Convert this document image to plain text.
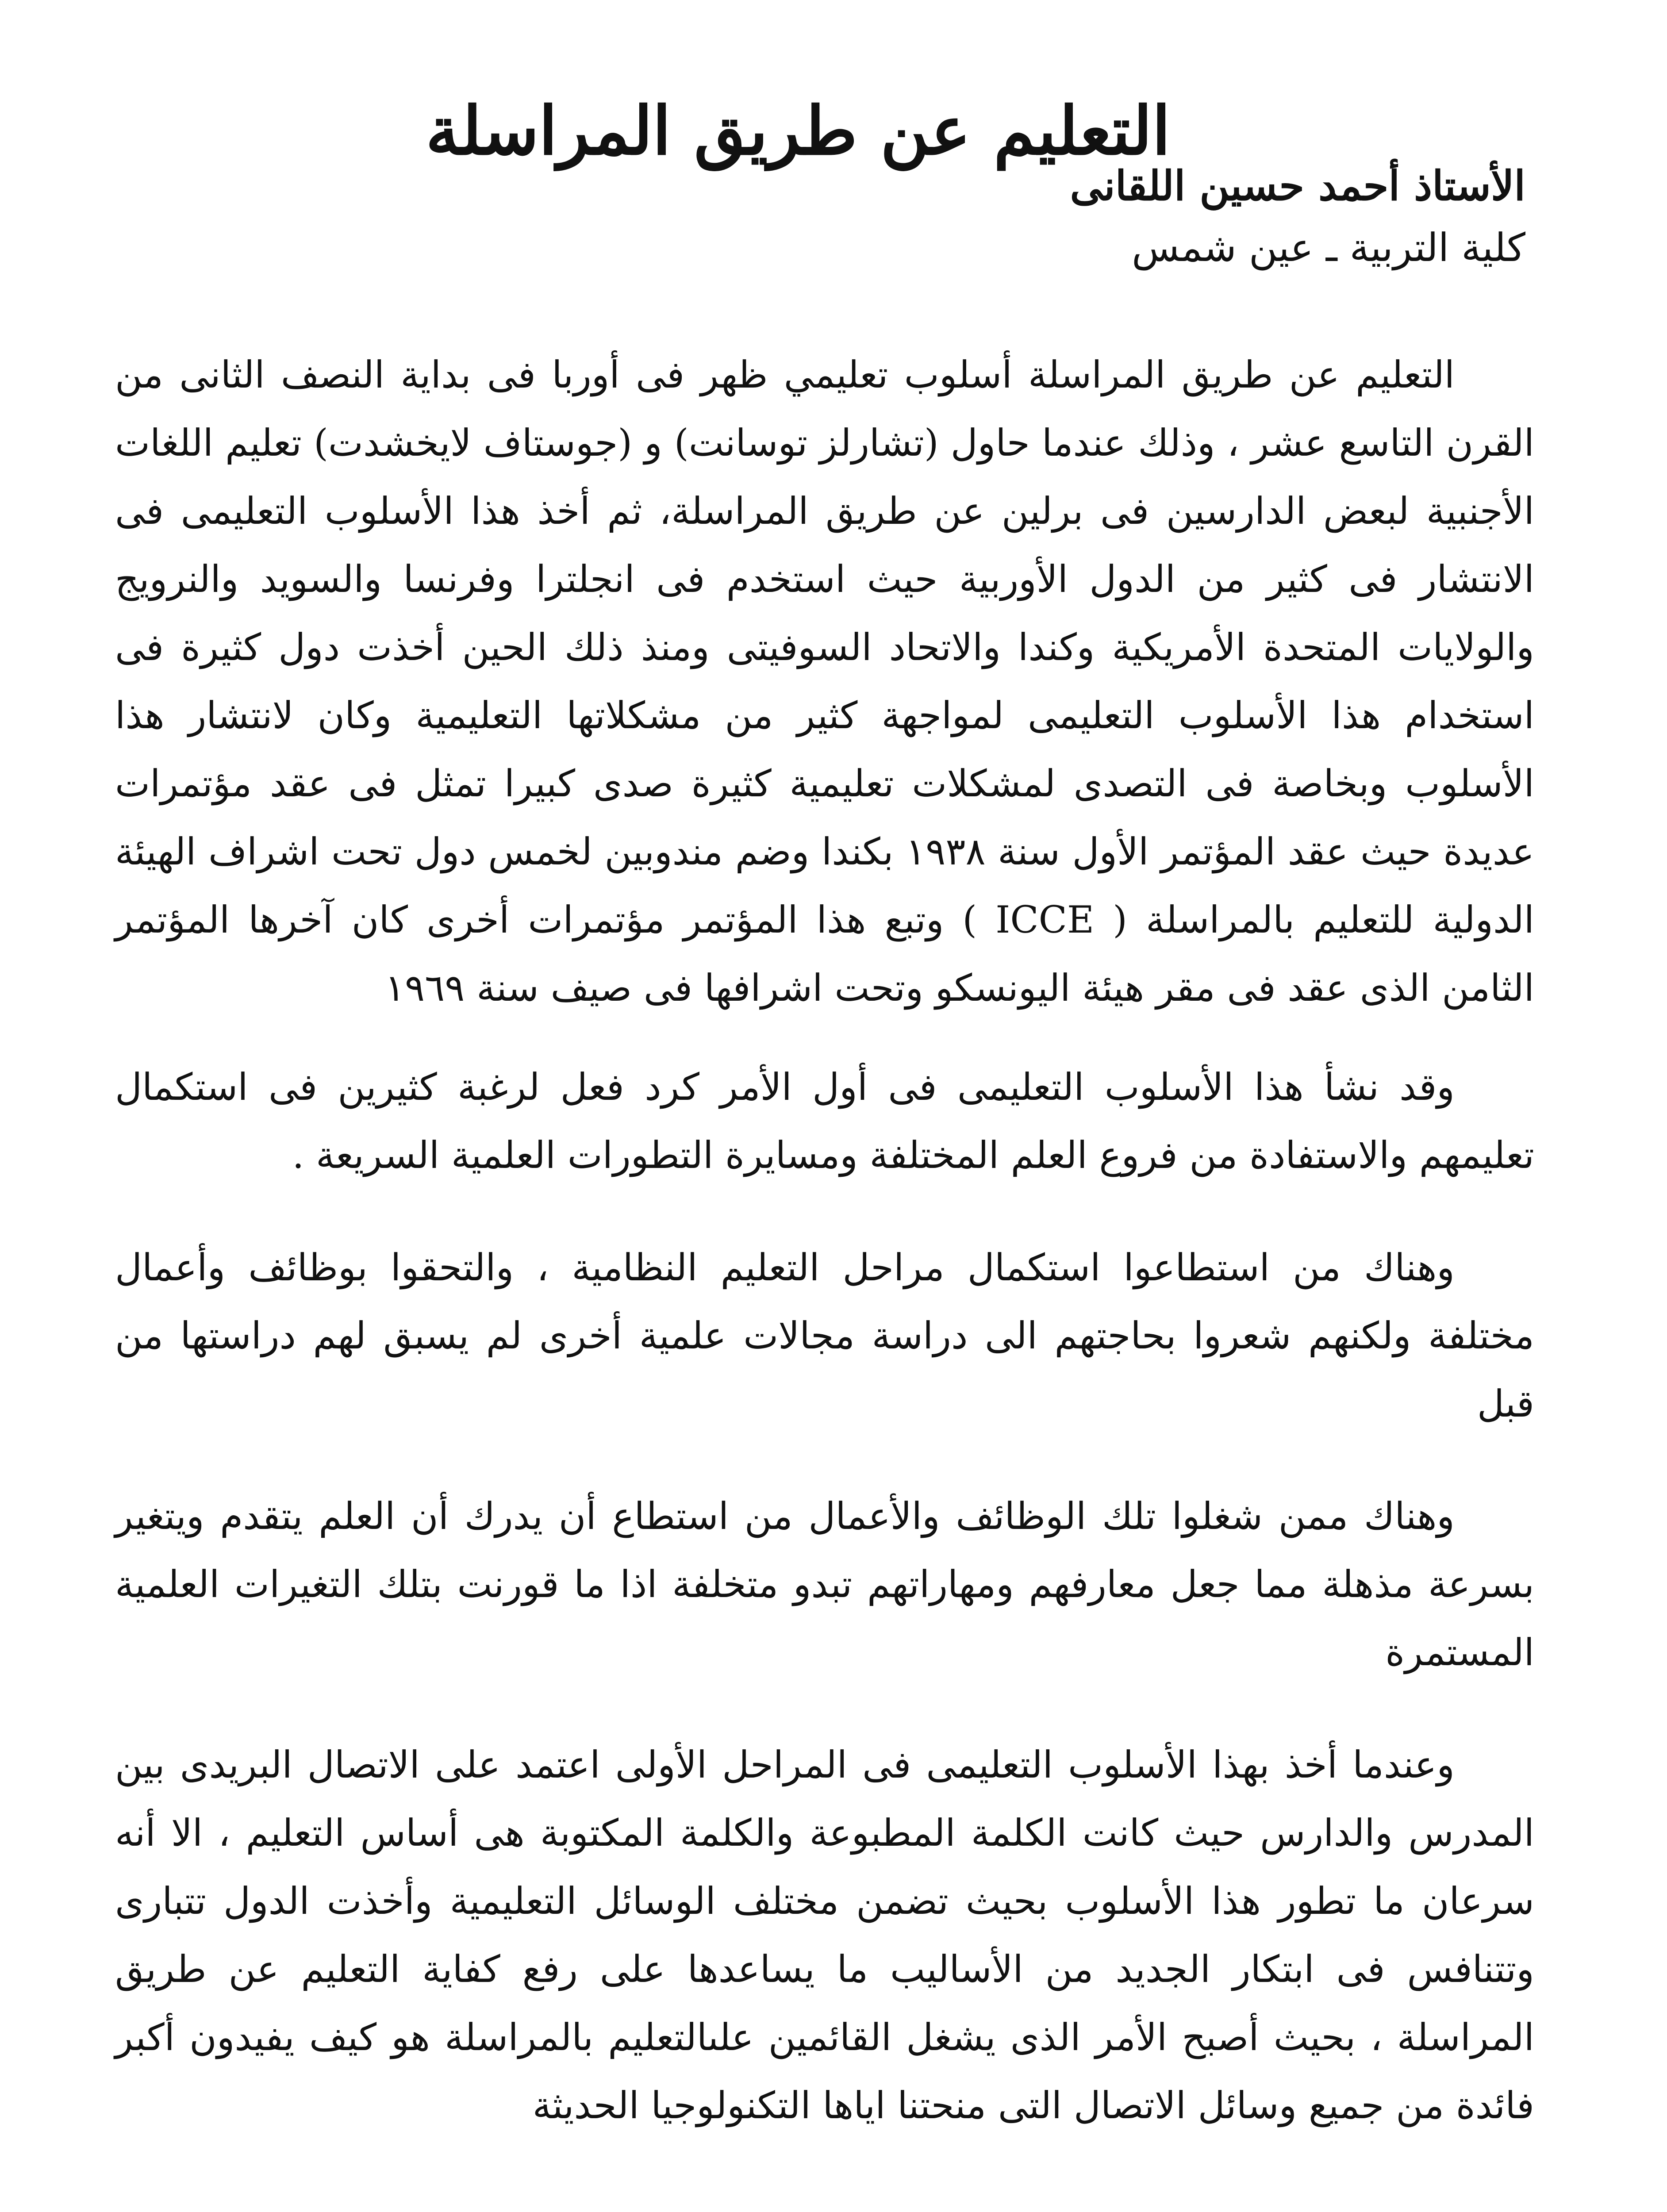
التعليم عن طريق المراسلة
الأستاذ أحمد حسين اللقانى
كلية التربية ـ عين شمس

التعليم عن طريق المراسلة أسلوب تعليمي ظهر فى أوربا فى بداية النصف الثانى من القرن التاسع عشر ، وذلك عندما حاول (تشارلز توسانت) و (جوستاف لايخشدت) تعليم اللغات الأجنبية لبعض الدارسين فى برلين عن طريق المراسلة، ثم أخذ هذا الأسلوب التعليمى فى الانتشار فى كثير من الدول الأوربية حيث استخدم فى انجلترا وفرنسا والسويد والنرويج والولايات المتحدة الأمريكية وكندا والاتحاد السوفيتى ومنذ ذلك الحين أخذت دول كثيرة فى استخدام هذا الأسلوب التعليمى لمواجهة كثير من مشكلاتها التعليمية وكان لانتشار هذا الأسلوب وبخاصة فى التصدى لمشكلات تعليمية كثيرة صدى كبيرا تمثل فى عقد مؤتمرات عديدة حيث عقد المؤتمر الأول سنة ١٩٣٨ بكندا وضم مندوبين لخمس دول تحت اشراف الهيئة الدولية للتعليم بالمراسلة ( ICCE ) وتبع هذا المؤتمر مؤتمرات أخرى كان آخرها المؤتمر الثامن الذى عقد فى مقر هيئة اليونسكو وتحت اشرافها فى صيف سنة ١٩٦٩

وقد نشأ هذا الأسلوب التعليمى فى أول الأمر كرد فعل لرغبة كثيرين فى استكمال تعليمهم والاستفادة من فروع العلم المختلفة ومسايرة التطورات العلمية السريعة .

وهناك من استطاعوا استكمال مراحل التعليم النظامية ، والتحقوا بوظائف وأعمال مختلفة ولكنهم شعروا بحاجتهم الى دراسة مجالات علمية أخرى لم يسبق لهم دراستها من قبل

وهناك ممن شغلوا تلك الوظائف والأعمال من استطاع أن يدرك أن العلم يتقدم ويتغير بسرعة مذهلة مما جعل معارفهم ومهاراتهم تبدو متخلفة اذا ما قورنت بتلك التغيرات العلمية المستمرة

وعندما أخذ بهذا الأسلوب التعليمى فى المراحل الأولى اعتمد على الاتصال البريدى بين المدرس والدارس حيث كانت الكلمة المطبوعة والكلمة المكتوبة هى أساس التعليم ، الا أنه سرعان ما تطور هذا الأسلوب بحيث تضمن مختلف الوسائل التعليمية وأخذت الدول تتبارى وتتنافس فى ابتكار الجديد من الأساليب ما يساعدها على رفع كفاية التعليم عن طريق المراسلة ، بحيث أصبح الأمر الذى يشغل القائمين علىالتعليم بالمراسلة هو كيف يفيدون أكبر فائدة من جميع وسائل الاتصال التى منحتنا اياها التكنولوجيا الحديثة
